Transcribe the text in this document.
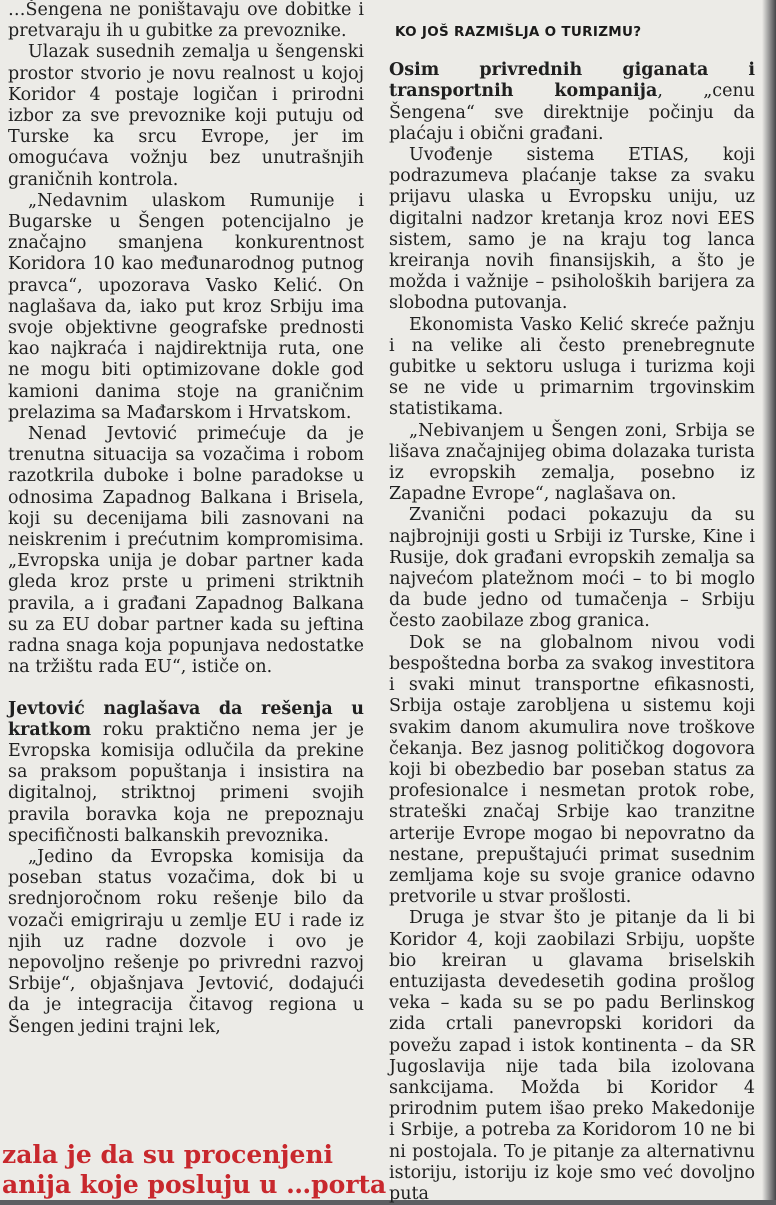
…Šengena ne poništavaju ove dobitke i pretvaraju ih u gubitke za prevoznike.

Ulazak susednih zemalja u šengenski prostor stvorio je novu realnost u kojoj Koridor 4 postaje logičan i prirodni izbor za sve prevoznike koji putuju od Turske ka srcu Evrope, jer im omogućava vožnju bez unutrašnjih graničnih kontrola.

„Nedavnim ulaskom Rumunije i Bugarske u Šengen potencijalno je značajno smanjena konkurentnost Koridora 10 kao međunarodnog putnog pravca“, upozorava Vasko Kelić. On naglašava da, iako put kroz Srbiju ima svoje objektivne geografske prednosti kao najkraća i najdirektnija ruta, one ne mogu biti optimizovane dokle god kamioni danima stoje na graničnim prelazima sa Mađarskom i Hrvatskom.

Nenad Jevtović primećuje da je trenutna situacija sa vozačima i robom razotkrila duboke i bolne paradokse u odnosima Zapadnog Balkana i Brisela, koji su decenijama bili zasnovani na neiskrenim i prećutnim kompromisima. „Evropska unija je dobar partner kada gleda kroz prste u primeni striktnih pravila, a i građani Zapadnog Balkana su za EU dobar partner kada su jeftina radna snaga koja popunjava nedostatke na tržištu rada EU“, ističe on.

Jevtović naglašava da rešenja u kratkom roku praktično nema jer je Evropska komisija odlučila da prekine sa praksom popuštanja i insistira na digitalnoj, striktnoj primeni svojih pravila boravka koja ne prepoznaju specifičnosti balkanskih prevoznika.

„Jedino da Evropska komisija da poseban status vozačima, dok bi u srednjoročnom roku rešenje bilo da vozači emigriraju u zemlje EU i rade iz njih uz radne dozvole i ovo je nepovoljno rešenje po privredni razvoj Srbije“, objašnjava Jevtović, dodajući da je integracija čitavog regiona u Šengen jedini trajni lek,

zala je da su procenjeni
anija koje posluju u …porta
KO JOŠ RAZMIŠLJA O TURIZMU?

Osim privrednih giganata i transportnih kompanija, „cenu Šengena“ sve direktnije počinju da plaćaju i obični građani.

Uvođenje sistema ETIAS, koji podrazumeva plaćanje takse za svaku prijavu ulaska u Evropsku uniju, uz digitalni nadzor kretanja kroz novi EES sistem, samo je na kraju tog lanca kreiranja novih finansijskih, a što je možda i važnije – psiholoških barijera za slobodna putovanja.

Ekonomista Vasko Kelić skreće pažnju i na velike ali često prenebregnute gubitke u sektoru usluga i turizma koji se ne vide u primarnim trgovinskim statistikama.

„Nebivanjem u Šengen zoni, Srbija se lišava značajnijeg obima dolazaka turista iz evropskih zemalja, posebno iz Zapadne Evrope“, naglašava on.

Zvanični podaci pokazuju da su najbrojniji gosti u Srbiji iz Turske, Kine i Rusije, dok građani evropskih zemalja sa najvećom platežnom moći – to bi moglo da bude jedno od tumačenja – Srbiju često zaobilaze zbog granica.

Dok se na globalnom nivou vodi bespoštedna borba za svakog investitora i svaki minut transportne efikasnosti, Srbija ostaje zarobljena u sistemu koji svakim danom akumulira nove troškove čekanja. Bez jasnog političkog dogovora koji bi obezbedio bar poseban status za profesionalce i nesmetan protok robe, strateški značaj Srbije kao tranzitne arterije Evrope mogao bi nepovratno da nestane, prepuštajući primat susednim zemljama koje su svoje granice odavno pretvorile u stvar prošlosti.

Druga je stvar što je pitanje da li bi Koridor 4, koji zaobilazi Srbiju, uopšte bio kreiran u glavama briselskih entuzijasta devedesetih godina prošlog veka – kada su se po padu Berlinskog zida crtali panevropski koridori da povežu zapad i istok kontinenta – da SR Jugoslavija nije tada bila izolovana sankcijama. Možda bi Koridor 4 prirodnim putem išao preko Makedonije i Srbije, a potreba za Koridorom 10 ne bi ni postojala. To je pitanje za alternativnu istoriju, istoriju iz koje smo već dovoljno puta
